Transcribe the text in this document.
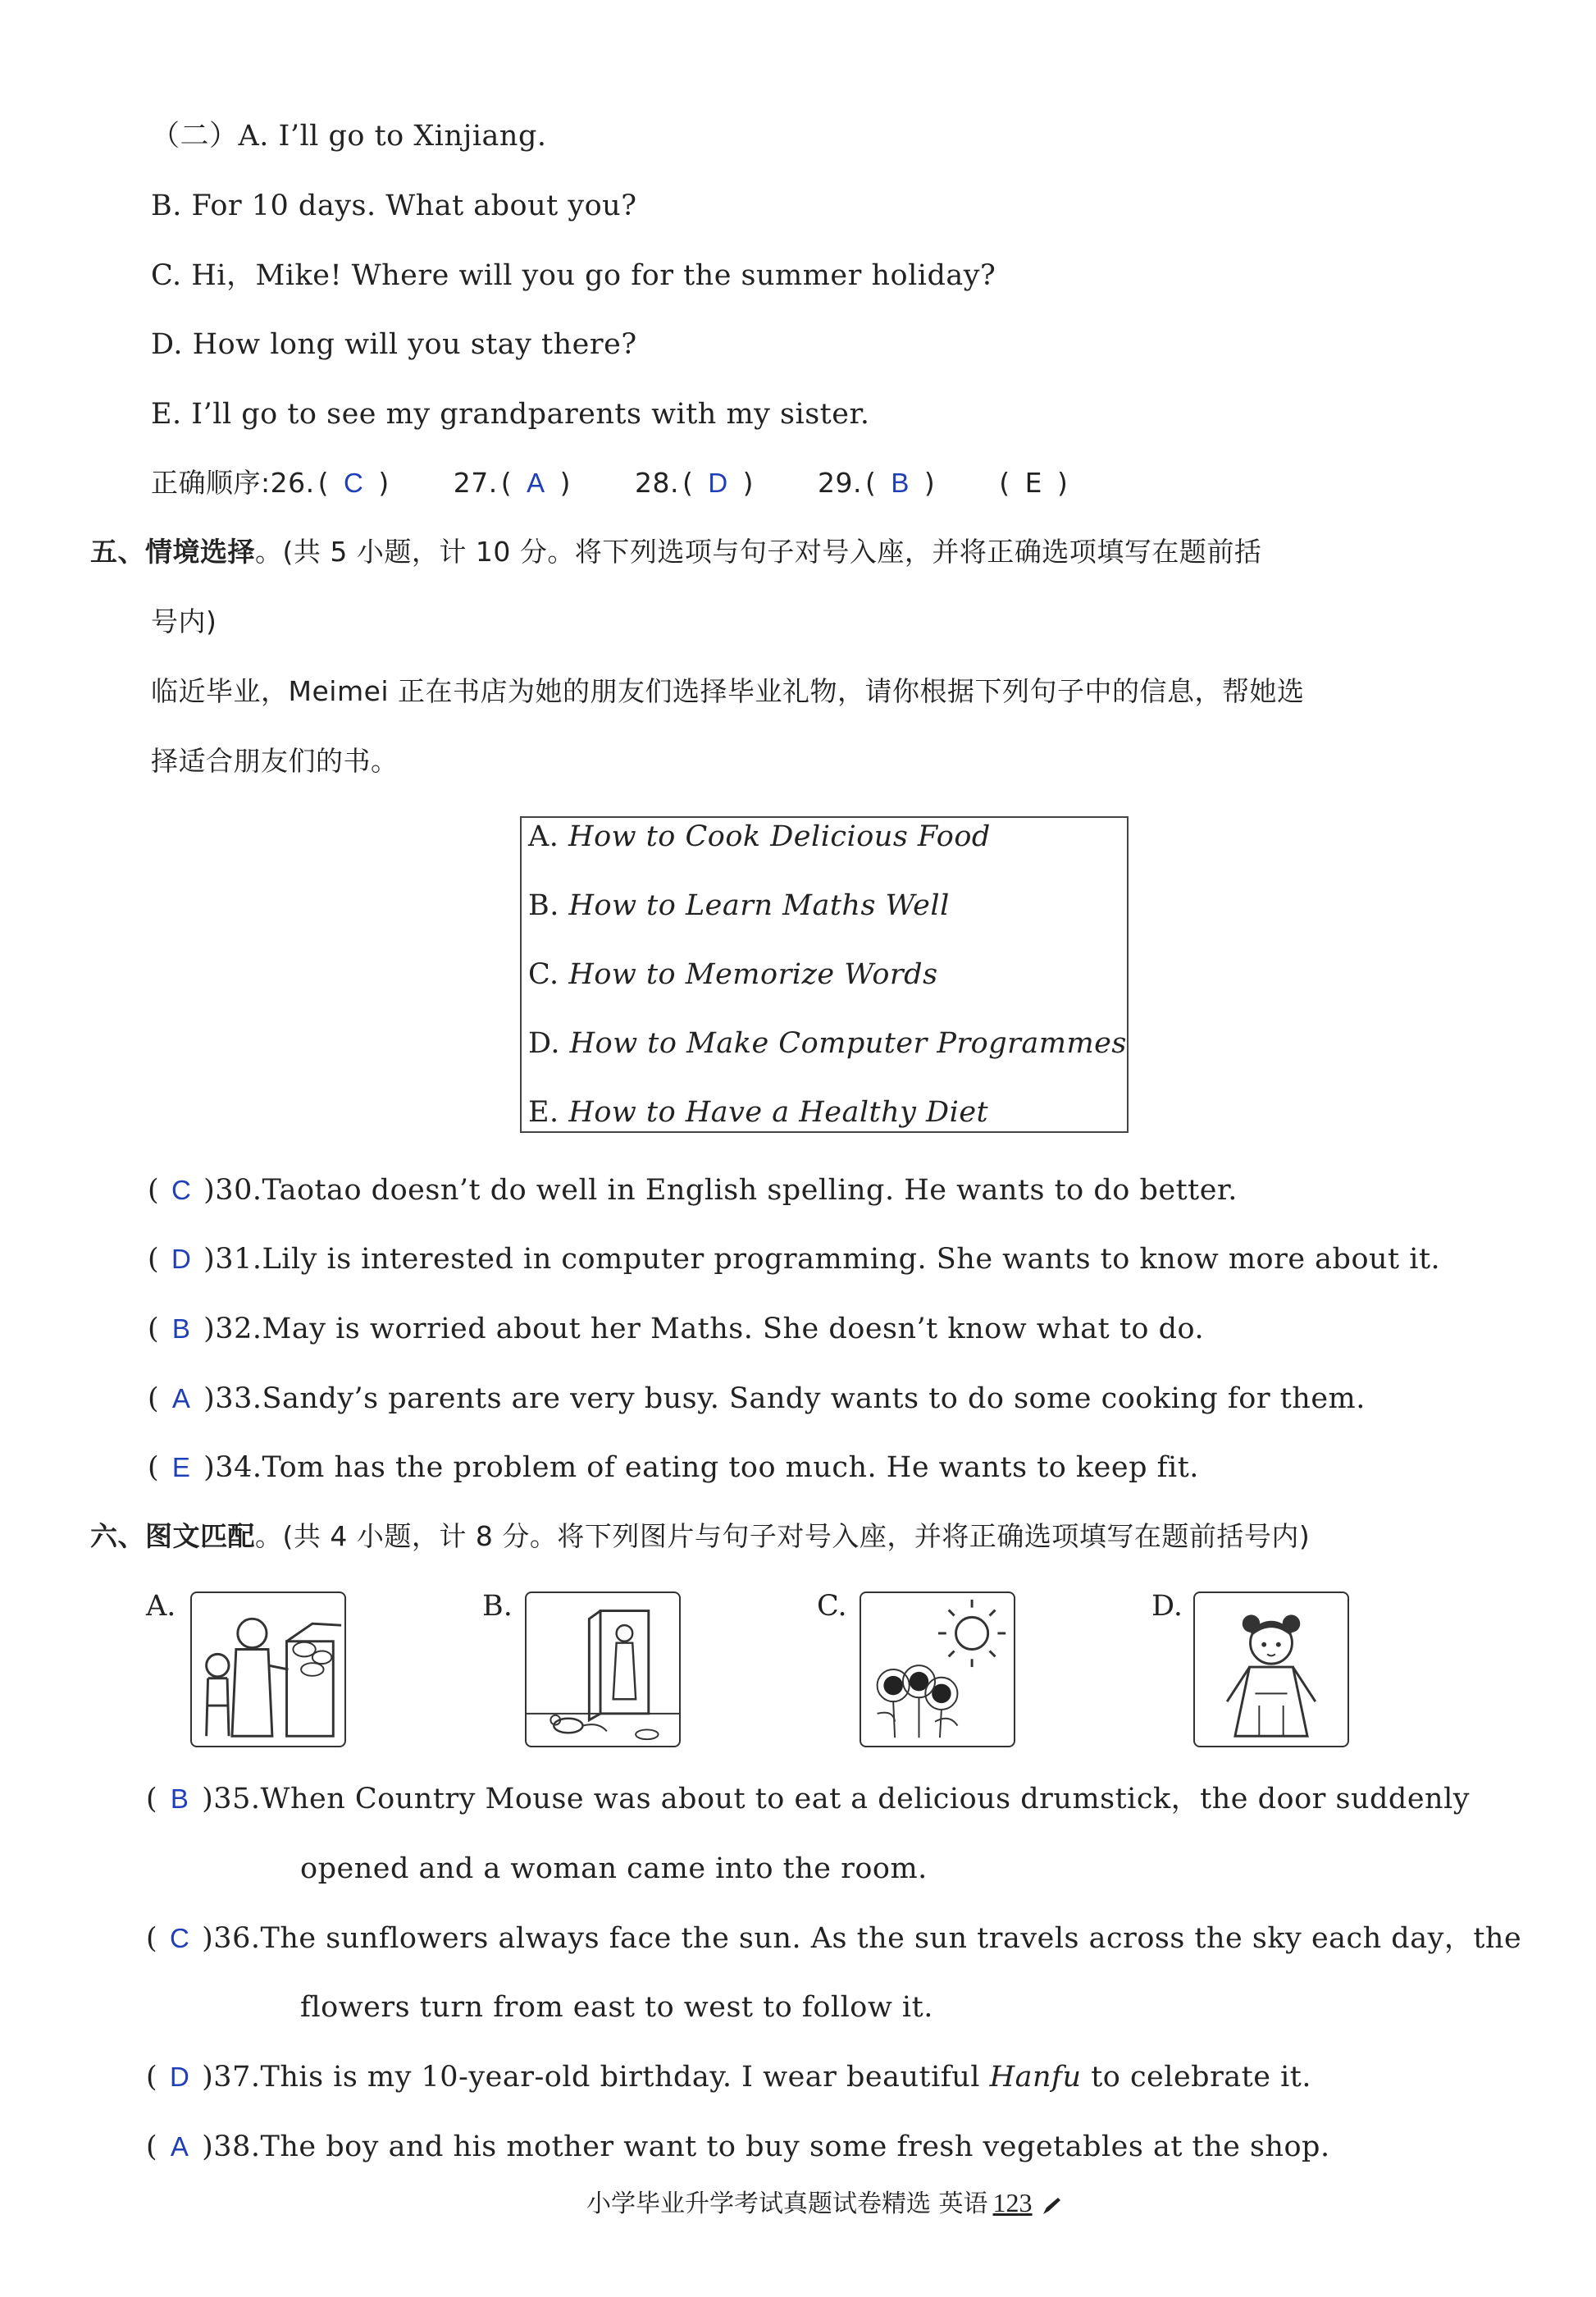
（二）A. I’ll go to Xinjiang.
B. For 10 days. What about you?
C. Hi，Mike! Where will you go for the summer holiday?
D. How long will you stay there?
E. I’ll go to see my grandparents with my sister.
正确顺序:26. ( C ) 27. ( A ) 28. ( D ) 29. ( B ) ( E )
五、情境选择。(共 5 小题，计 10 分。将下列选项与句子对号入座，并将正确选项填写在题前括
号内)
临近毕业，Meimei 正在书店为她的朋友们选择毕业礼物，请你根据下列句子中的信息，帮她选
择适合朋友们的书。
A. How to Cook Delicious Food
B. How to Learn Maths Well
C. How to Memorize Words
D. How to Make Computer Programmes
E. How to Have a Healthy Diet
( C )30.Taotao doesn’t do well in English spelling. He wants to do better.
( D )31.Lily is interested in computer programming. She wants to know more about it.
( B )32.May is worried about her Maths. She doesn’t know what to do.
( A )33.Sandy’s parents are very busy. Sandy wants to do some cooking for them.
( E )34.Tom has the problem of eating too much. He wants to keep fit.
六、图文匹配。(共 4 小题，计 8 分。将下列图片与句子对号入座，并将正确选项填写在题前括号内)
A.	B.	C.	D.
( B )35.When Country Mouse was about to eat a delicious drumstick，the door suddenly
opened and a woman came into the room.
( C )36.The sunflowers always face the sun. As the sun travels across the sky each day，the
flowers turn from east to west to follow it.
( D )37.This is my 10-year-old birthday. I wear beautiful Hanfu to celebrate it.
( A )38.The boy and his mother want to buy some fresh vegetables at the shop.
小学毕业升学考试真题试卷精选 英语 123
